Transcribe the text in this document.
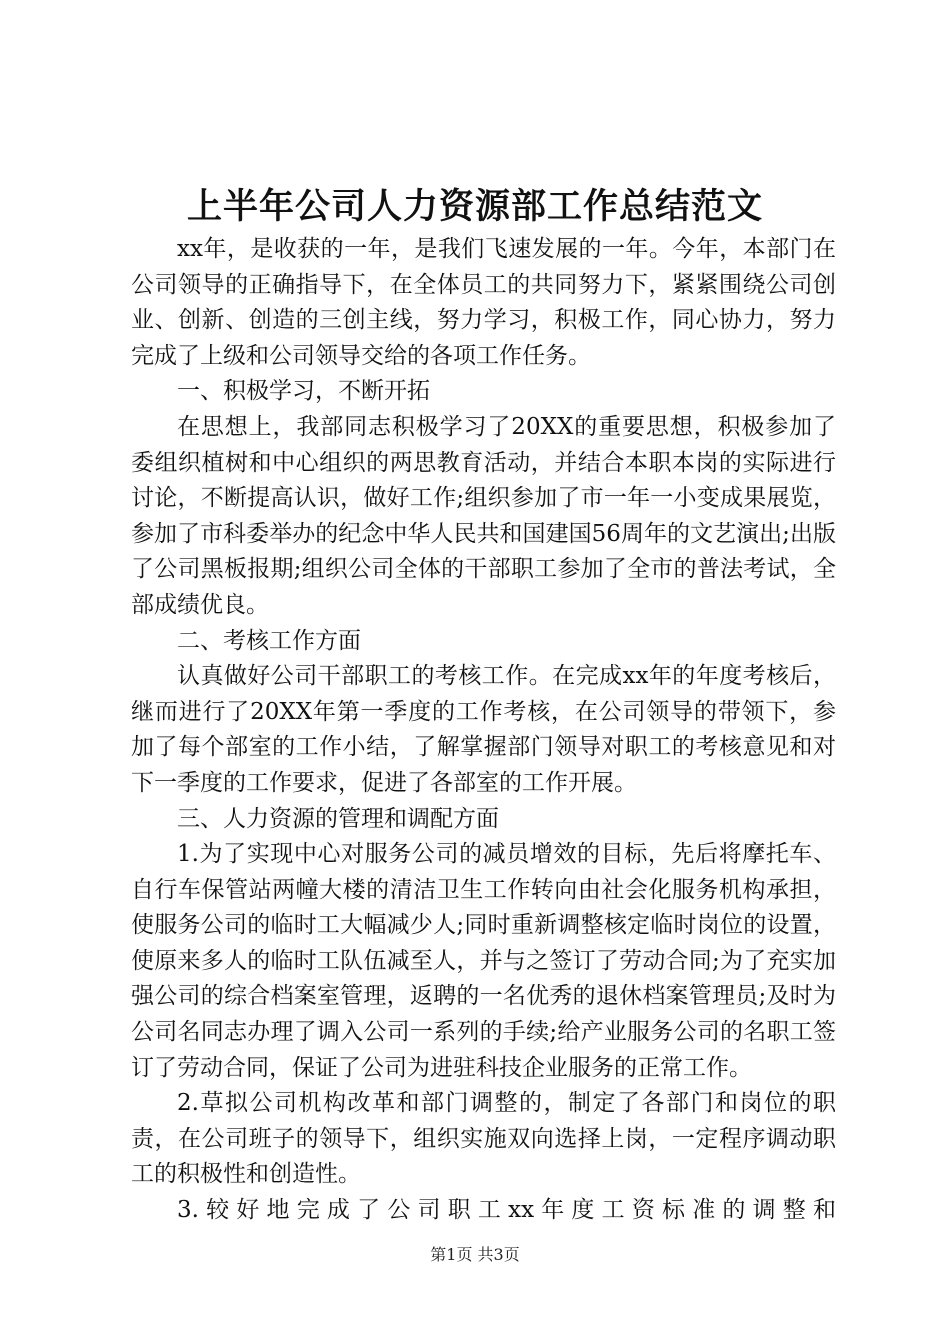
上半年公司人力资源部工作总结范文

xx年，是收获的一年，是我们飞速发展的一年。今年，本部门在公司领导的正确指导下，在全体员工的共同努力下，紧紧围绕公司创业、创新、创造的三创主线，努力学习，积极工作，同心协力，努力完成了上级和公司领导交给的各项工作任务。

一、积极学习，不断开拓

在思想上，我部同志积极学习了20XX的重要思想，积极参加了委组织植树和中心组织的两思教育活动，并结合本职本岗的实际进行讨论，不断提高认识，做好工作;组织参加了市一年一小变成果展览，参加了市科委举办的纪念中华人民共和国建国56周年的文艺演出;出版了公司黑板报期;组织公司全体的干部职工参加了全市的普法考试，全部成绩优良。

二、考核工作方面

认真做好公司干部职工的考核工作。在完成xx年的年度考核后，继而进行了20XX年第一季度的工作考核，在公司领导的带领下，参加了每个部室的工作小结，了解掌握部门领导对职工的考核意见和对下一季度的工作要求，促进了各部室的工作开展。

三、人力资源的管理和调配方面

1.为了实现中心对服务公司的减员增效的目标，先后将摩托车、自行车保管站两幢大楼的清洁卫生工作转向由社会化服务机构承担，使服务公司的临时工大幅减少人;同时重新调整核定临时岗位的设置，使原来多人的临时工队伍减至人，并与之签订了劳动合同;为了充实加强公司的综合档案室管理，返聘的一名优秀的退休档案管理员;及时为公司名同志办理了调入公司一系列的手续;给产业服务公司的名职工签订了劳动合同，保证了公司为进驻科技企业服务的正常工作。

2.草拟公司机构改革和部门调整的，制定了各部门和岗位的职责，在公司班子的领导下，组织实施双向选择上岗，一定程序调动职工的积极性和创造性。

3.较好地完成了公司职工xx年度工资标准的调整和

第1页 共3页
